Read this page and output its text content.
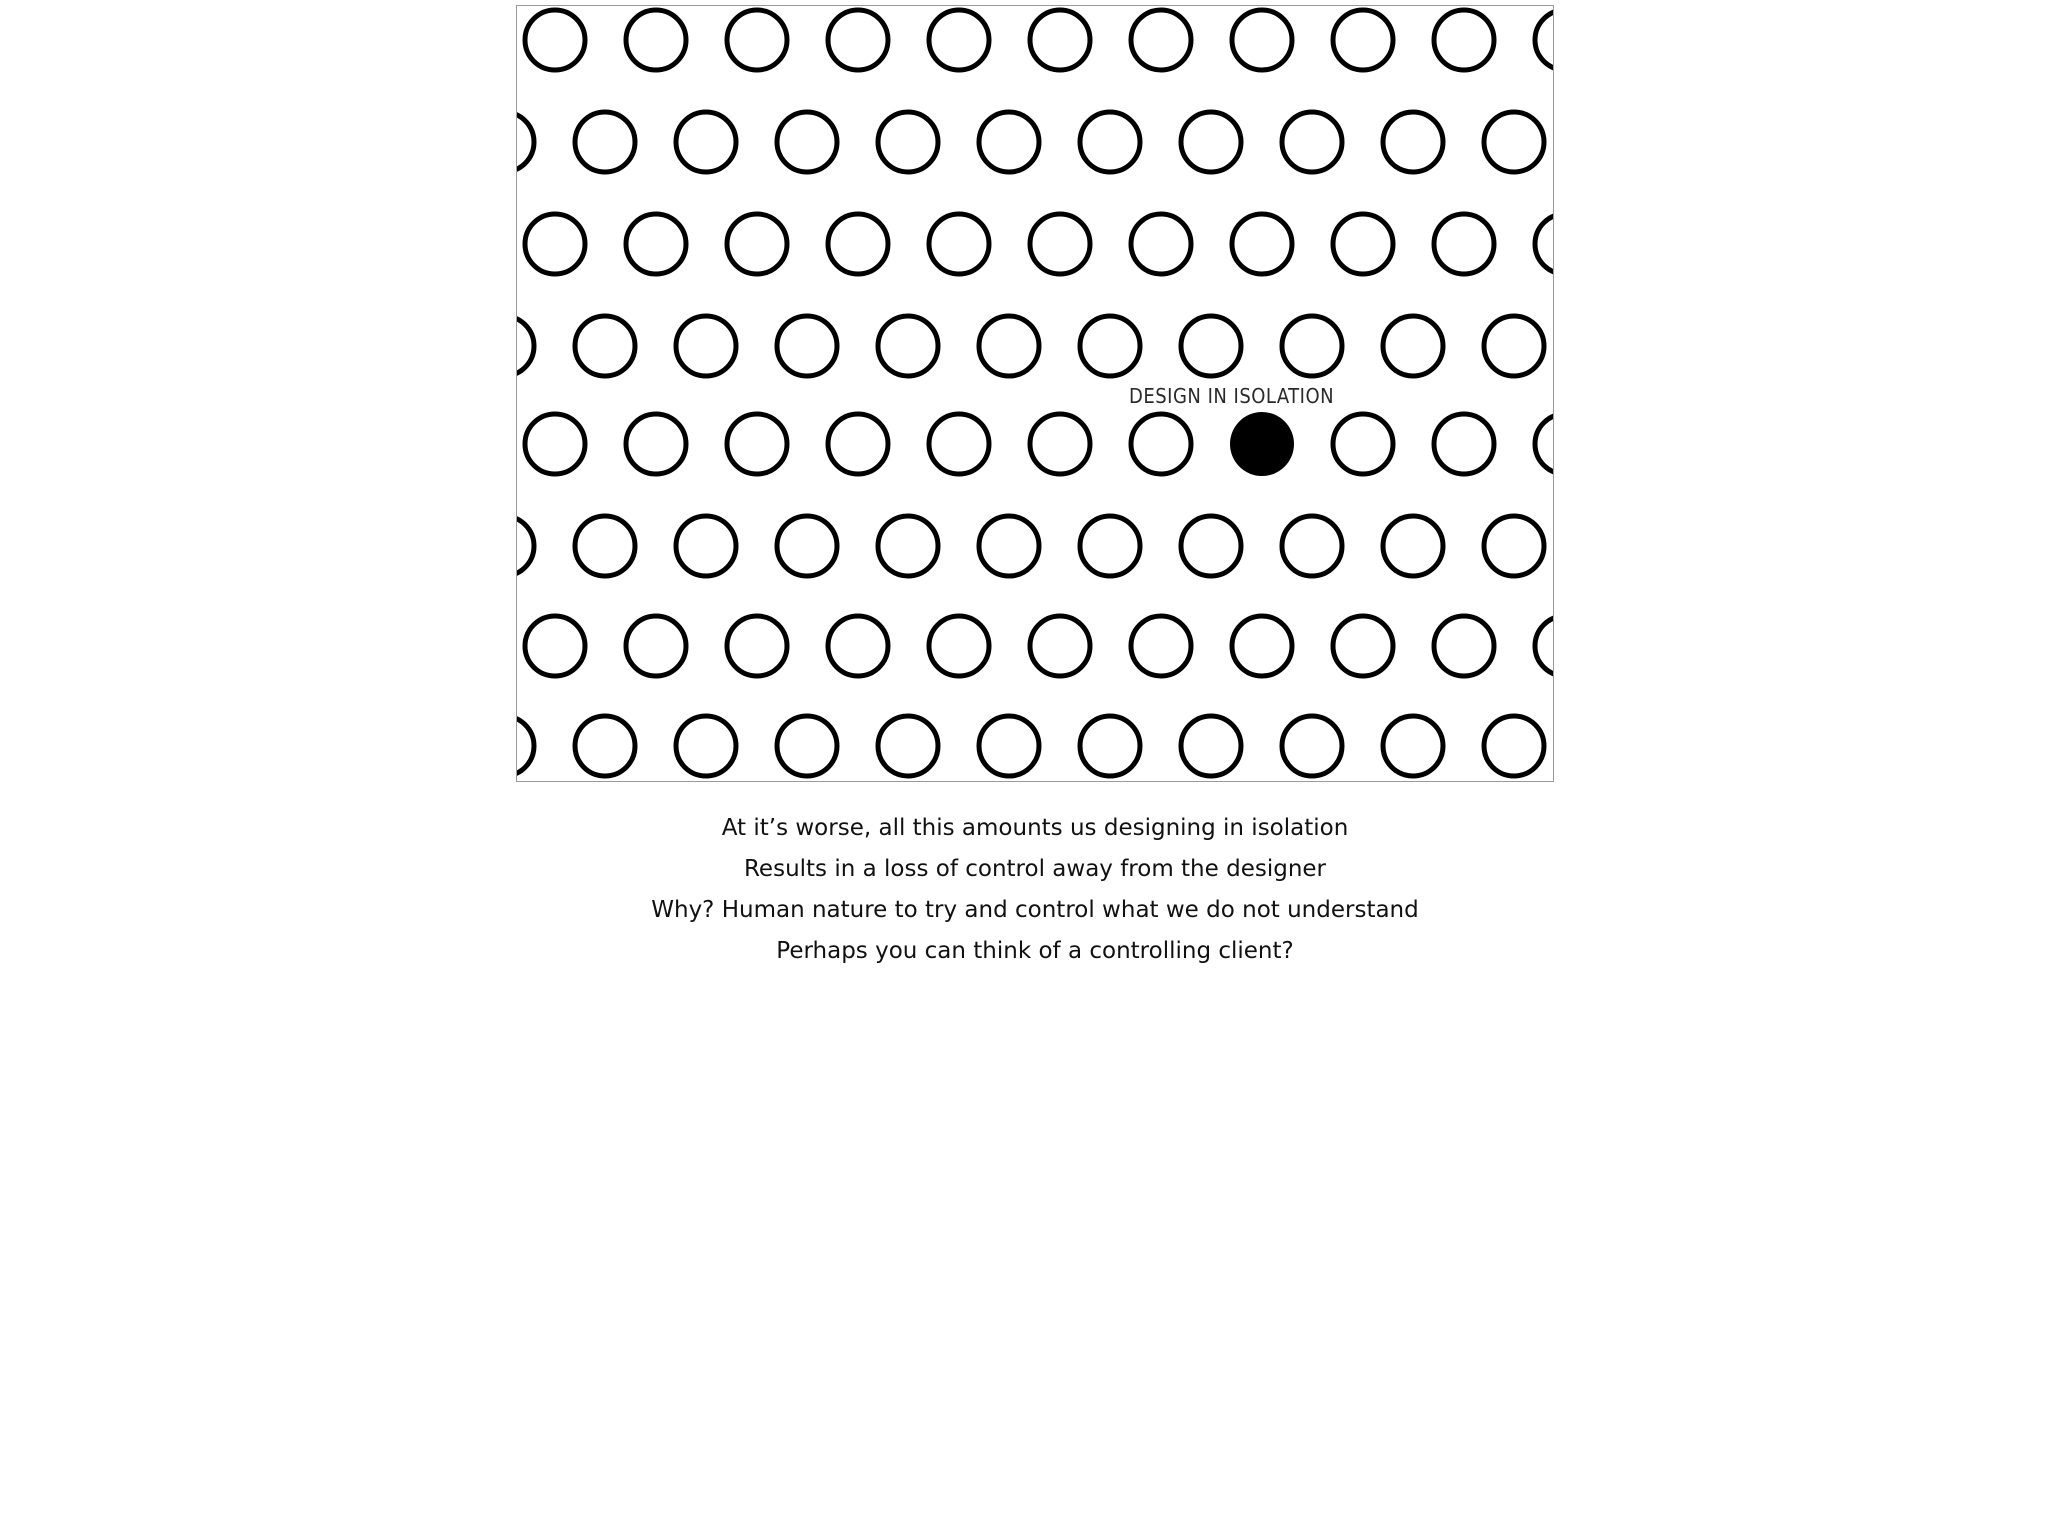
DESIGN IN ISOLATION
At it’s worse, all this amounts us designing in isolation
Results in a loss of control away from the designer
Why? Human nature to try and control what we do not understand
Perhaps you can think of a controlling client?
